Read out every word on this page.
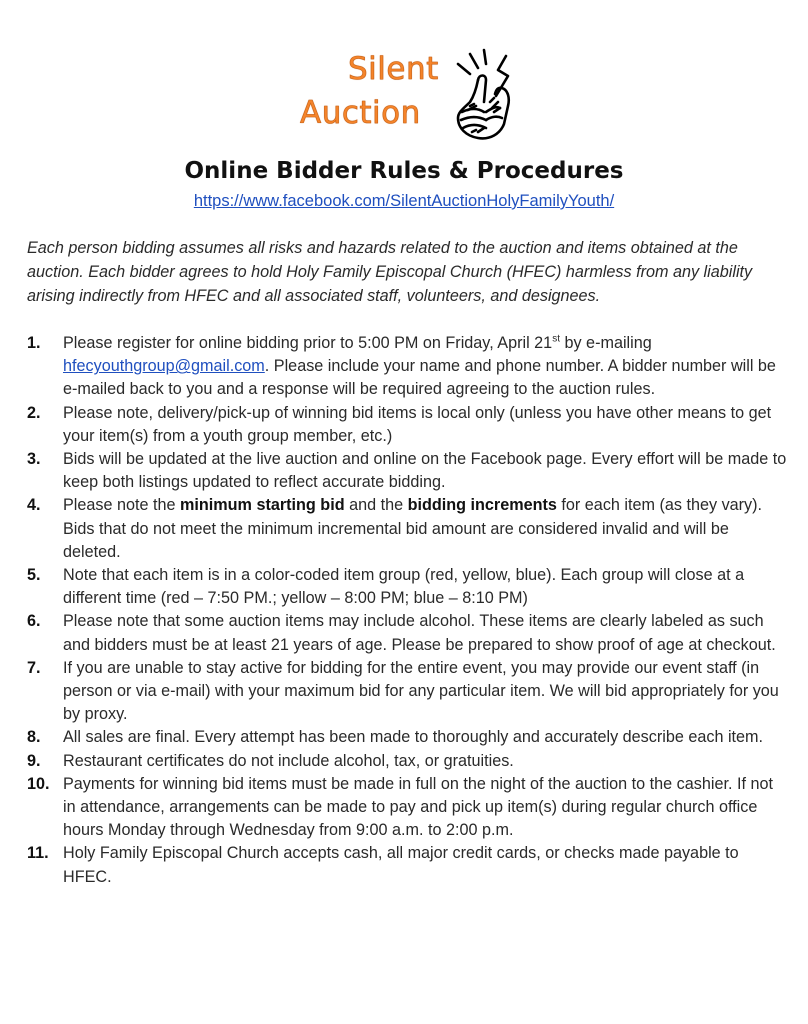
Silent
Auction
Online Bidder Rules & Procedures
https://www.facebook.com/SilentAuctionHolyFamilyYouth/

Each person bidding assumes all risks and hazards related to the auction and items obtained at the auction. Each bidder agrees to hold Holy Family Episcopal Church (HFEC) harmless from any liability arising indirectly from HFEC and all associated staff, volunteers, and designees.

1. Please register for online bidding prior to 5:00 PM on Friday, April 21st by e-mailing hfecyouthgroup@gmail.com. Please include your name and phone number. A bidder number will be e-mailed back to you and a response will be required agreeing to the auction rules.
2. Please note, delivery/pick-up of winning bid items is local only (unless you have other means to get your item(s) from a youth group member, etc.)
3. Bids will be updated at the live auction and online on the Facebook page. Every effort will be made to keep both listings updated to reflect accurate bidding.
4. Please note the minimum starting bid and the bidding increments for each item (as they vary). Bids that do not meet the minimum incremental bid amount are considered invalid and will be deleted.
5. Note that each item is in a color-coded item group (red, yellow, blue). Each group will close at a different time (red – 7:50 PM.; yellow – 8:00 PM; blue – 8:10 PM)
6. Please note that some auction items may include alcohol. These items are clearly labeled as such and bidders must be at least 21 years of age. Please be prepared to show proof of age at checkout.
7. If you are unable to stay active for bidding for the entire event, you may provide our event staff (in person or via e-mail) with your maximum bid for any particular item. We will bid appropriately for you by proxy.
8. All sales are final. Every attempt has been made to thoroughly and accurately describe each item.
9. Restaurant certificates do not include alcohol, tax, or gratuities.
10. Payments for winning bid items must be made in full on the night of the auction to the cashier. If not in attendance, arrangements can be made to pay and pick up item(s) during regular church office hours Monday through Wednesday from 9:00 a.m. to 2:00 p.m.
11. Holy Family Episcopal Church accepts cash, all major credit cards, or checks made payable to HFEC.
